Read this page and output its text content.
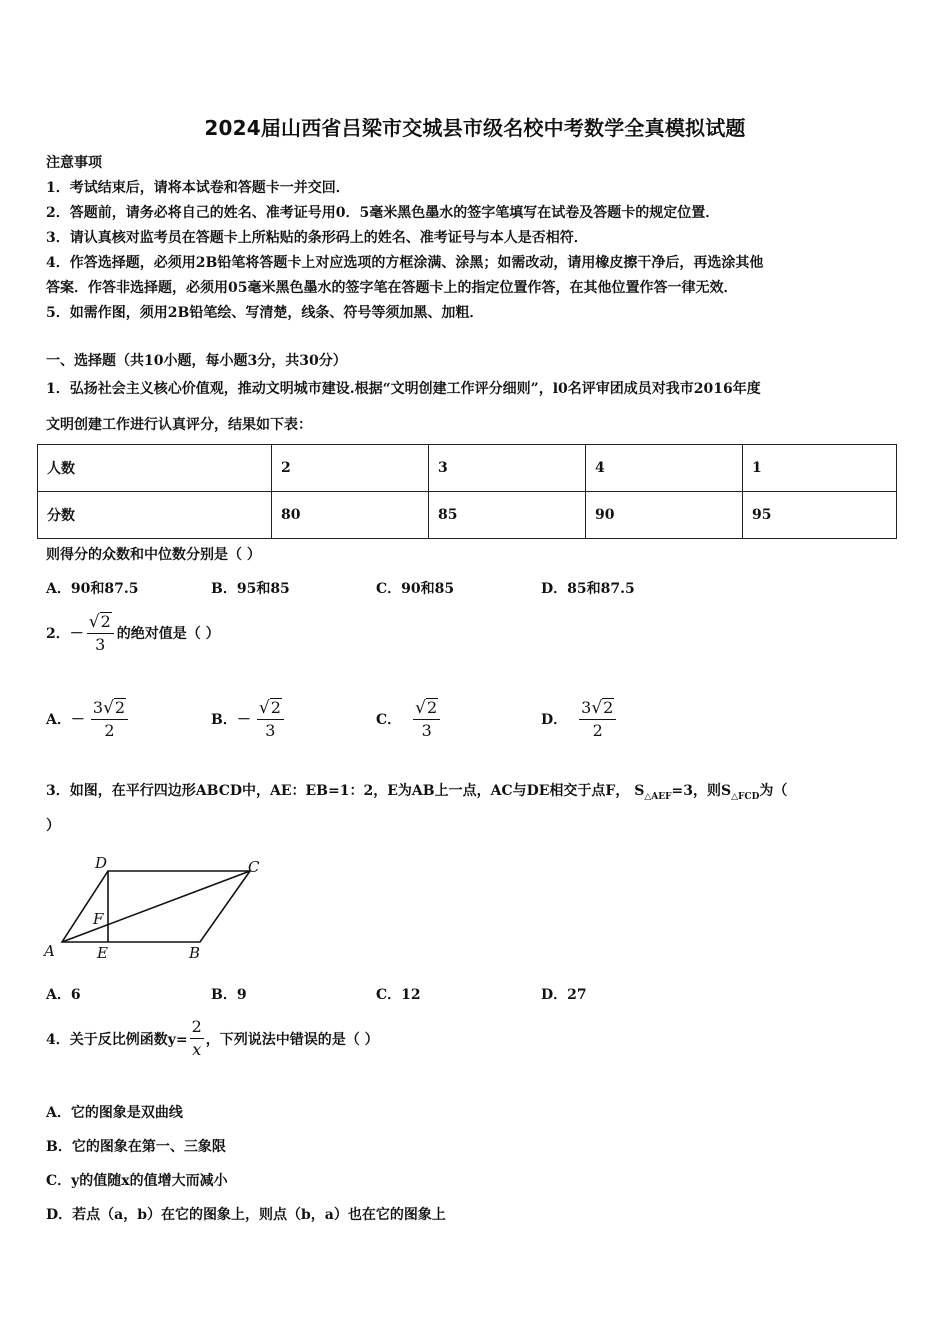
2024届山西省吕梁市交城县市级名校中考数学全真模拟试题
注意事项
1．考试结束后，请将本试卷和答题卡一并交回．
2．答题前，请务必将自己的姓名、准考证号用0．5毫米黑色墨水的签字笔填写在试卷及答题卡的规定位置．
3．请认真核对监考员在答题卡上所粘贴的条形码上的姓名、准考证号与本人是否相符．
4．作答选择题，必须用2B铅笔将答题卡上对应选项的方框涂满、涂黑；如需改动，请用橡皮擦干净后，再选涂其他
答案．作答非选择题，必须用05毫米黑色墨水的签字笔在答题卡上的指定位置作答，在其他位置作答一律无效．
5．如需作图，须用2B铅笔绘、写清楚，线条、符号等须加黑、加粗．
一、选择题（共10小题，每小题3分，共30分）
1．弘扬社会主义核心价值观，推动文明城市建设.根据“文明创建工作评分细则”，l0名评审团成员对我市2016年度
文明创建工作进行认真评分，结果如下表：
人数	2	3	4	1
分数	80	85	90	95
则得分的众数和中位数分别是（ ）
A．90和87.5	B．95和85	C．90和85	D．85和87.5
2．－ $\frac{√ 2}{3}$ 的绝对值是（ ）
A．－ $\frac{3 √ 2}{2}$	B．－ $\frac{√ 2}{3}$	C． $\frac{√ 2}{3}$	D． $\frac{3 √ 2}{2}$
3．如图，在平行四边形ABCD中，AE：EB=1：2，E为AB上一点，AC与DE相交于点F， $S_{\triangle AEF}=3$，则$S_{\triangle FCD}$为（
）
D	C
F
A	E	B
A．6	B．9	C．12	D．27
4．关于反比例函数$y= \frac{2}{x}$ ，下列说法中错误的是（ ）
A．它的图象是双曲线
B．它的图象在第一、三象限
C．y的值随x的值增大而减小
D．若点（a，b）在它的图象上，则点（b，a）也在它的图象上
